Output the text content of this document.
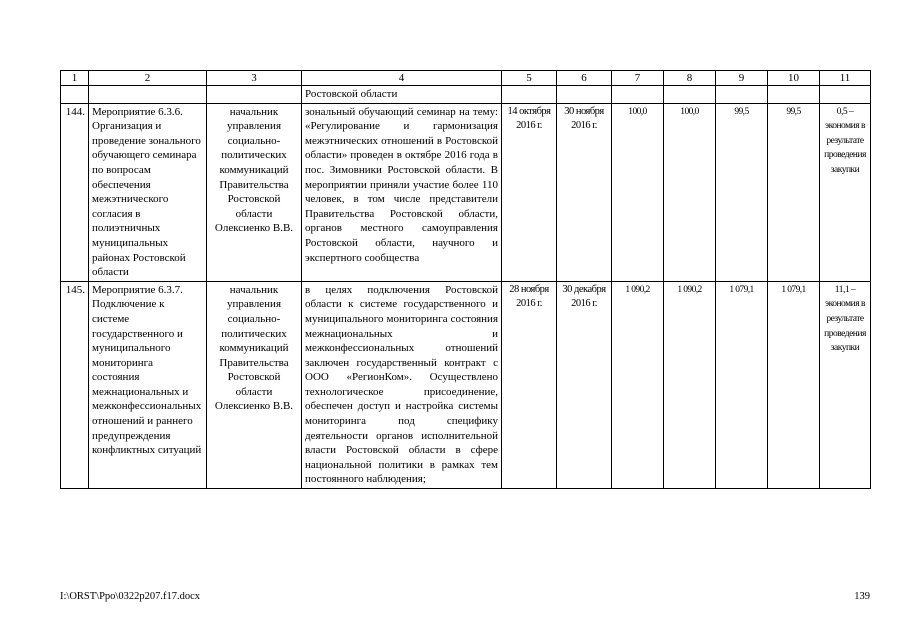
1	2	3	4	5	6	7	8	9	10	11
			Ростовской области							
144.	Мероприятие 6.3.6. Организация и проведение зонального обучающего семинара по вопросам обеспечения межэтнического согласия в полиэтничных муниципальных районах Ростовской области	начальник управления социально-политических коммуникаций Правительства Ростовской области Олексиенко В.В.	зональный обучающий семинар на тему: «Регулирование и гармонизация межэтнических отношений в Ростовской области» проведен в октябре 2016 года в пос. Зимовники Ростовской области. В мероприятии приняли участие более 110 человек, в том числе представители Правительства Ростовской области, органов местного самоуправления Ростовской области, научного и экспертного сообщества	14 октября 2016 г.	30 ноября 2016 г.	100,0	100,0	99,5	99,5	0,5 – экономия в результате проведения закупки
145.	Мероприятие 6.3.7. Подключение к системе государственного и муниципального мониторинга состояния межнациональных и межконфессиональных отношений и раннего предупреждения конфликтных ситуаций	начальник управления социально-политических коммуникаций Правительства Ростовской области Олексиенко В.В.	в целях подключения Ростовской области к системе государственного и муниципального мониторинга состояния межнациональных и межконфессиональных отношений заключен государственный контракт с ООО «РегионКом». Осуществлено технологическое присоединение, обеспечен доступ и настройка системы мониторинга под специфику деятельности органов исполнительной власти Ростовской области в сфере национальной политики в рамках тем постоянного наблюдения;	28 ноября 2016 г.	30 декабря 2016 г.	1 090,2	1 090,2	1 079,1	1 079,1	11,1 – экономия в результате проведения закупки
I:\ORST\Ppo\0322p207.f17.docx	139
